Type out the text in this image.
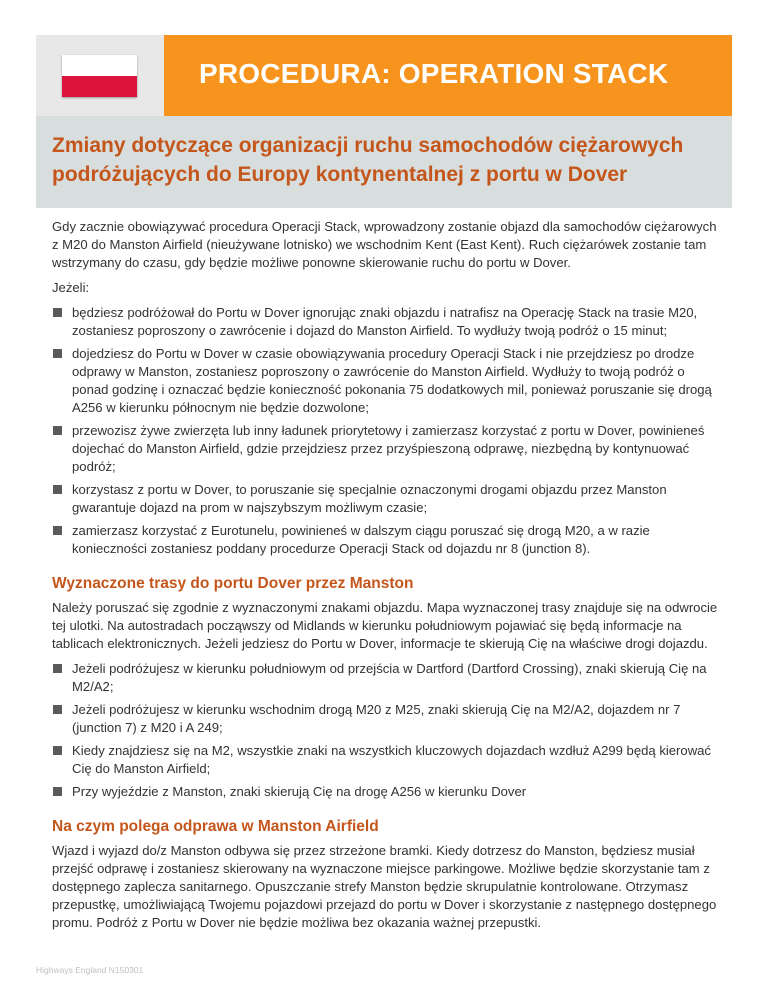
PROCEDURA: OPERATION STACK
Zmiany dotyczące organizacji ruchu samochodów ciężarowych podróżujących do Europy kontynentalnej z portu w Dover

Gdy zacznie obowiązywać procedura Operacji Stack, wprowadzony zostanie objazd dla samochodów ciężarowych z M20 do Manston Airfield (nieużywane lotnisko) we wschodnim Kent (East Kent). Ruch ciężarówek zostanie tam wstrzymany do czasu, gdy będzie możliwe ponowne skierowanie ruchu do portu w Dover.

Jeżeli:

będziesz podróżował do Portu w Dover ignorując znaki objazdu i natrafisz na Operację Stack na trasie M20, zostaniesz poproszony o zawrócenie i dojazd do Manston Airfield. To wydłuży twoją podróż o 15 minut;
dojedziesz do Portu w Dover w czasie obowiązywania procedury Operacji Stack i nie przejdziesz po drodze odprawy w Manston, zostaniesz poproszony o zawrócenie do Manston Airfield. Wydłuży to twoją podróż o ponad godzinę i oznaczać będzie konieczność pokonania 75 dodatkowych mil, ponieważ poruszanie się drogą A256 w kierunku północnym nie będzie dozwolone;
przewozisz żywe zwierzęta lub inny ładunek priorytetowy i zamierzasz korzystać z portu w Dover, powinieneś dojechać do Manston Airfield, gdzie przejdziesz przez przyśpieszoną odprawę, niezbędną by kontynuować podróż;
korzystasz z portu w Dover, to poruszanie się specjalnie oznaczonymi drogami objazdu przez Manston gwarantuje dojazd na prom w najszybszym możliwym czasie;
zamierzasz korzystać z Eurotunelu, powinieneś w dalszym ciągu poruszać się drogą M20, a w razie konieczności zostaniesz poddany procedurze Operacji Stack od dojazdu nr 8 (junction 8).
Wyznaczone trasy do portu Dover przez Manston

Należy poruszać się zgodnie z wyznaczonymi znakami objazdu. Mapa wyznaczonej trasy znajduje się na odwrocie tej ulotki. Na autostradach począwszy od Midlands w kierunku południowym pojawiać się będą informacje na tablicach elektronicznych. Jeżeli jedziesz do Portu w Dover, informacje te skierują Cię na właściwe drogi dojazdu.

Jeżeli podróżujesz w kierunku południowym od przejścia w Dartford (Dartford Crossing), znaki skierują Cię na M2/A2;
Jeżeli podróżujesz w kierunku wschodnim drogą M20 z M25, znaki skierują Cię na M2/A2, dojazdem nr 7 (junction 7) z M20 i A 249;
Kiedy znajdziesz się na M2, wszystkie znaki na wszystkich kluczowych dojazdach wzdłuż A299 będą kierować Cię do Manston Airfield;
Przy wyjeździe z Manston, znaki skierują Cię na drogę A256 w kierunku Dover
Na czym polega odprawa w Manston Airfield

Wjazd i wyjazd do/z Manston odbywa się przez strzeżone bramki. Kiedy dotrzesz do Manston, będziesz musiał przejść odprawę i zostaniesz skierowany na wyznaczone miejsce parkingowe. Możliwe będzie skorzystanie tam z dostępnego zaplecza sanitarnego. Opuszczanie strefy Manston będzie skrupulatnie kontrolowane. Otrzymasz przepustkę, umożliwiającą Twojemu pojazdowi przejazd do portu w Dover i skorzystanie z następnego dostępnego promu. Podróż z Portu w Dover nie będzie możliwa bez okazania ważnej przepustki.

Highways England N150301
